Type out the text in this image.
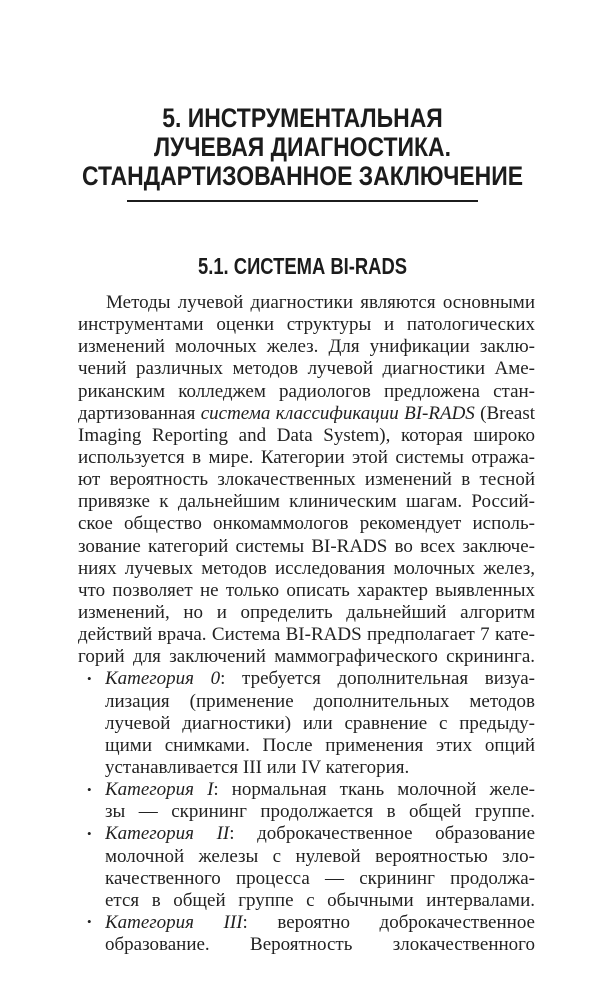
5. ИНСТРУМЕНТАЛЬНАЯ
ЛУЧЕВАЯ ДИАГНОСТИКА.
СТАНДАРТИЗОВАННОЕ ЗАКЛЮЧЕНИЕ
5.1. СИСТЕМА BI-RADS
Методы лучевой диагностики являются основными
инструментами оценки структуры и патологических
изменений молочных желез. Для унификации заклю-
чений различных методов лучевой диагностики Аме-
риканским колледжем радиологов предложена стан-
дартизованная система классификации BI-RADS (Breast
Imaging Reporting and Data System), которая широко
используется в мире. Категории этой системы отража-
ют вероятность злокачественных изменений в тесной
привязке к дальнейшим клиническим шагам. Россий-
ское общество онкомаммологов рекомендует исполь-
зование категорий системы BI-RADS во всех заключе-
ниях лучевых методов исследования молочных желез,
что позволяет не только описать характер выявленных
изменений, но и определить дальнейший алгоритм
действий врача. Система BI-RADS предполагает 7 кате-
горий для заключений маммографического скрининга.
• Категория 0: требуется дополнительная визуа-
лизация (применение дополнительных методов
лучевой диагностики) или сравнение с предыду-
щими снимками. После применения этих опций
устанавливается III или IV категория.
• Категория I: нормальная ткань молочной желе-
зы — скрининг продолжается в общей группе.
• Категория II: доброкачественное образование
молочной железы с нулевой вероятностью зло-
качественного процесса — скрининг продолжа-
ется в общей группе с обычными интервалами.
• Категория III: вероятно доброкачественное
образование. Вероятность злокачественного
